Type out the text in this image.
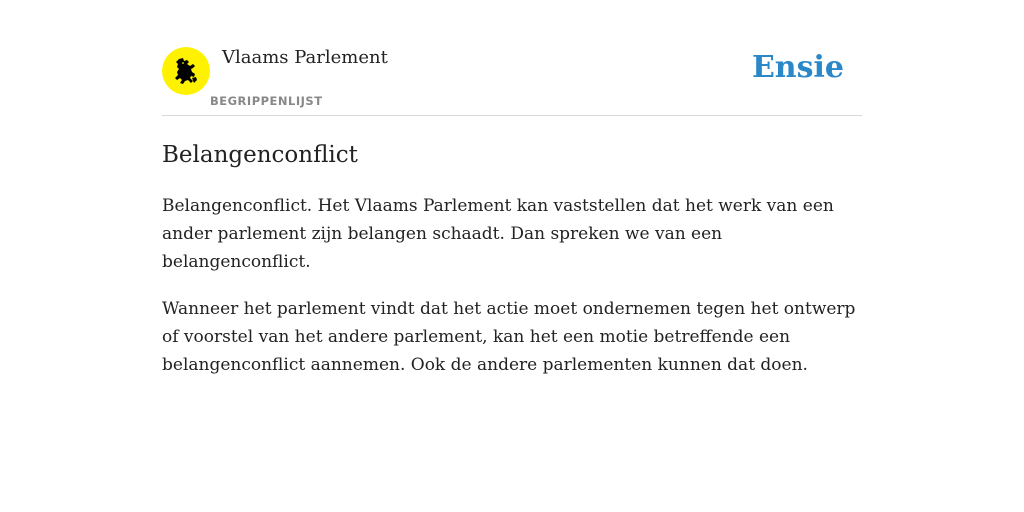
Vlaams Parlement
BEGRIPPENLIJST
Ensie
Belangenconflict

Belangenconflict. Het Vlaams Parlement kan vaststellen dat het werk van een ander parlement zijn belangen schaadt. Dan spreken we van een belangenconflict.

Wanneer het parlement vindt dat het actie moet ondernemen tegen het ontwerp of voorstel van het andere parlement, kan het een motie betreffende een belangenconflict aannemen. Ook de andere parlementen kunnen dat doen.
